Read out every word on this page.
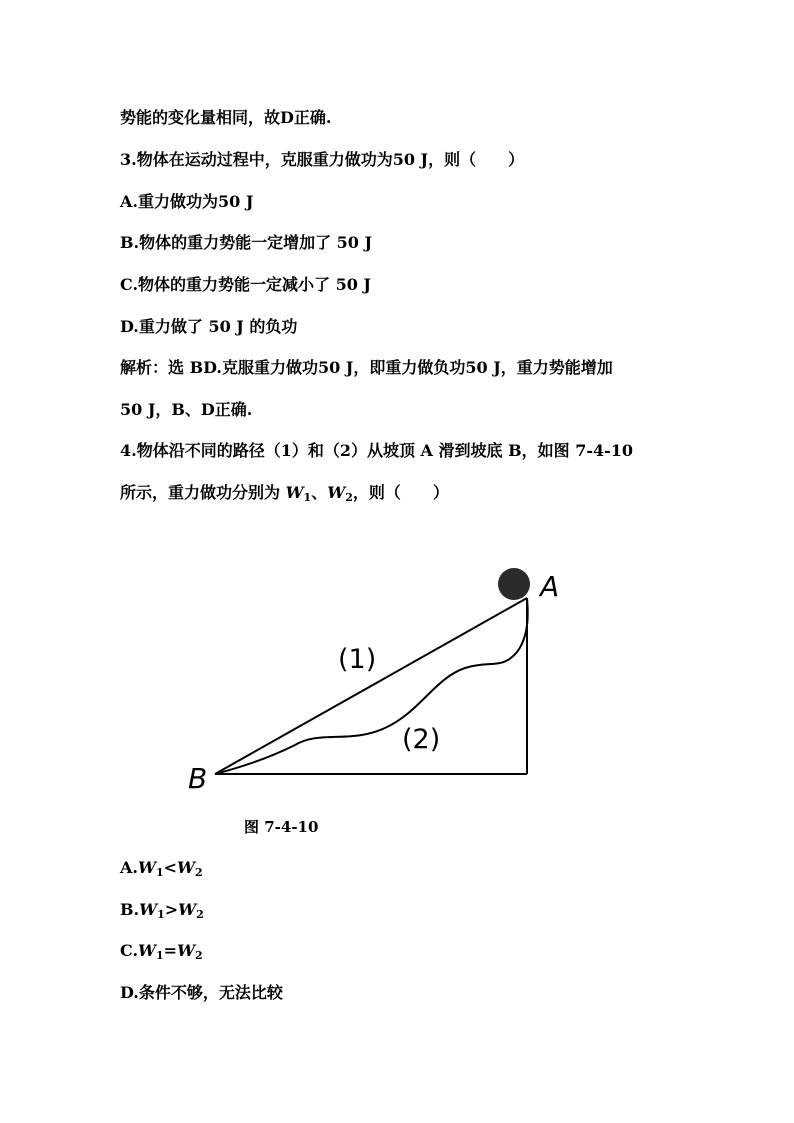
势能的变化量相同，故D正确.
3.物体在运动过程中，克服重力做功为50 J，则（　　）
A.重力做功为50 J
B.物体的重力势能一定增加了 50 J
C.物体的重力势能一定减小了 50 J
D.重力做了 50 J 的负功
解析：选 BD.克服重力做功50 J，即重力做负功50 J，重力势能增加
50 J，B、D正确.
4.物体沿不同的路径（1）和（2）从坡顶 A 滑到坡底 B，如图 7-4-10
所示，重力做功分别为 $W_1$、$W_2$，则（　　）
A
B
(1)
(2)
图 7-4-10
$A.W_1<W_2$
$B.W_1>W_2$
$C.W_1=W_2$
D.条件不够，无法比较
